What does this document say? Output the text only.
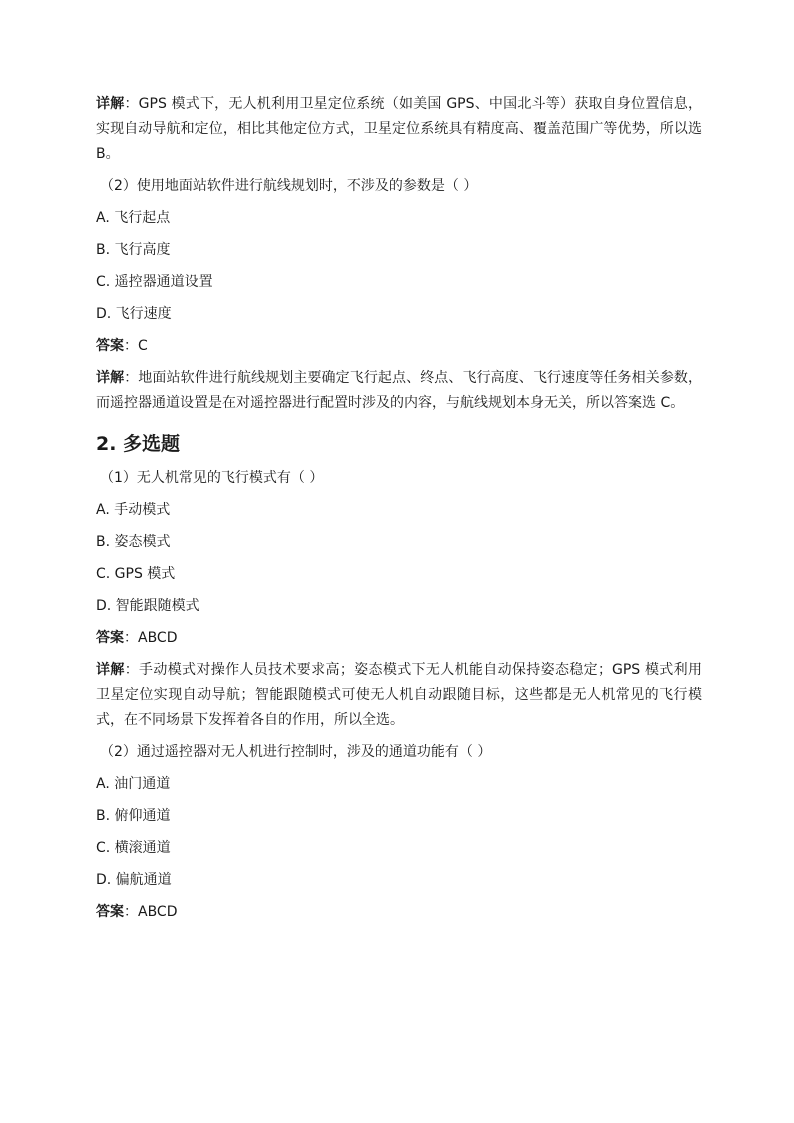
详解：GPS 模式下，无人机利用卫星定位系统（如美国 GPS、中国北斗等）获取自身位置信息，实现自动导航和定位，相比其他定位方式，卫星定位系统具有精度高、覆盖范围广等优势，所以选 B。

（2）使用地面站软件进行航线规划时，不涉及的参数是（ ）

A. 飞行起点

B. 飞行高度

C. 遥控器通道设置

D. 飞行速度

答案：C

详解：地面站软件进行航线规划主要确定飞行起点、终点、飞行高度、飞行速度等任务相关参数，而遥控器通道设置是在对遥控器进行配置时涉及的内容，与航线规划本身无关，所以答案选 C。

2. 多选题

（1）无人机常见的飞行模式有（ ）

A. 手动模式

B. 姿态模式

C. GPS 模式

D. 智能跟随模式

答案：ABCD

详解：手动模式对操作人员技术要求高；姿态模式下无人机能自动保持姿态稳定；GPS 模式利用卫星定位实现自动导航；智能跟随模式可使无人机自动跟随目标，这些都是无人机常见的飞行模式，在不同场景下发挥着各自的作用，所以全选。

（2）通过遥控器对无人机进行控制时，涉及的通道功能有（ ）

A. 油门通道

B. 俯仰通道

C. 横滚通道

D. 偏航通道

答案：ABCD
